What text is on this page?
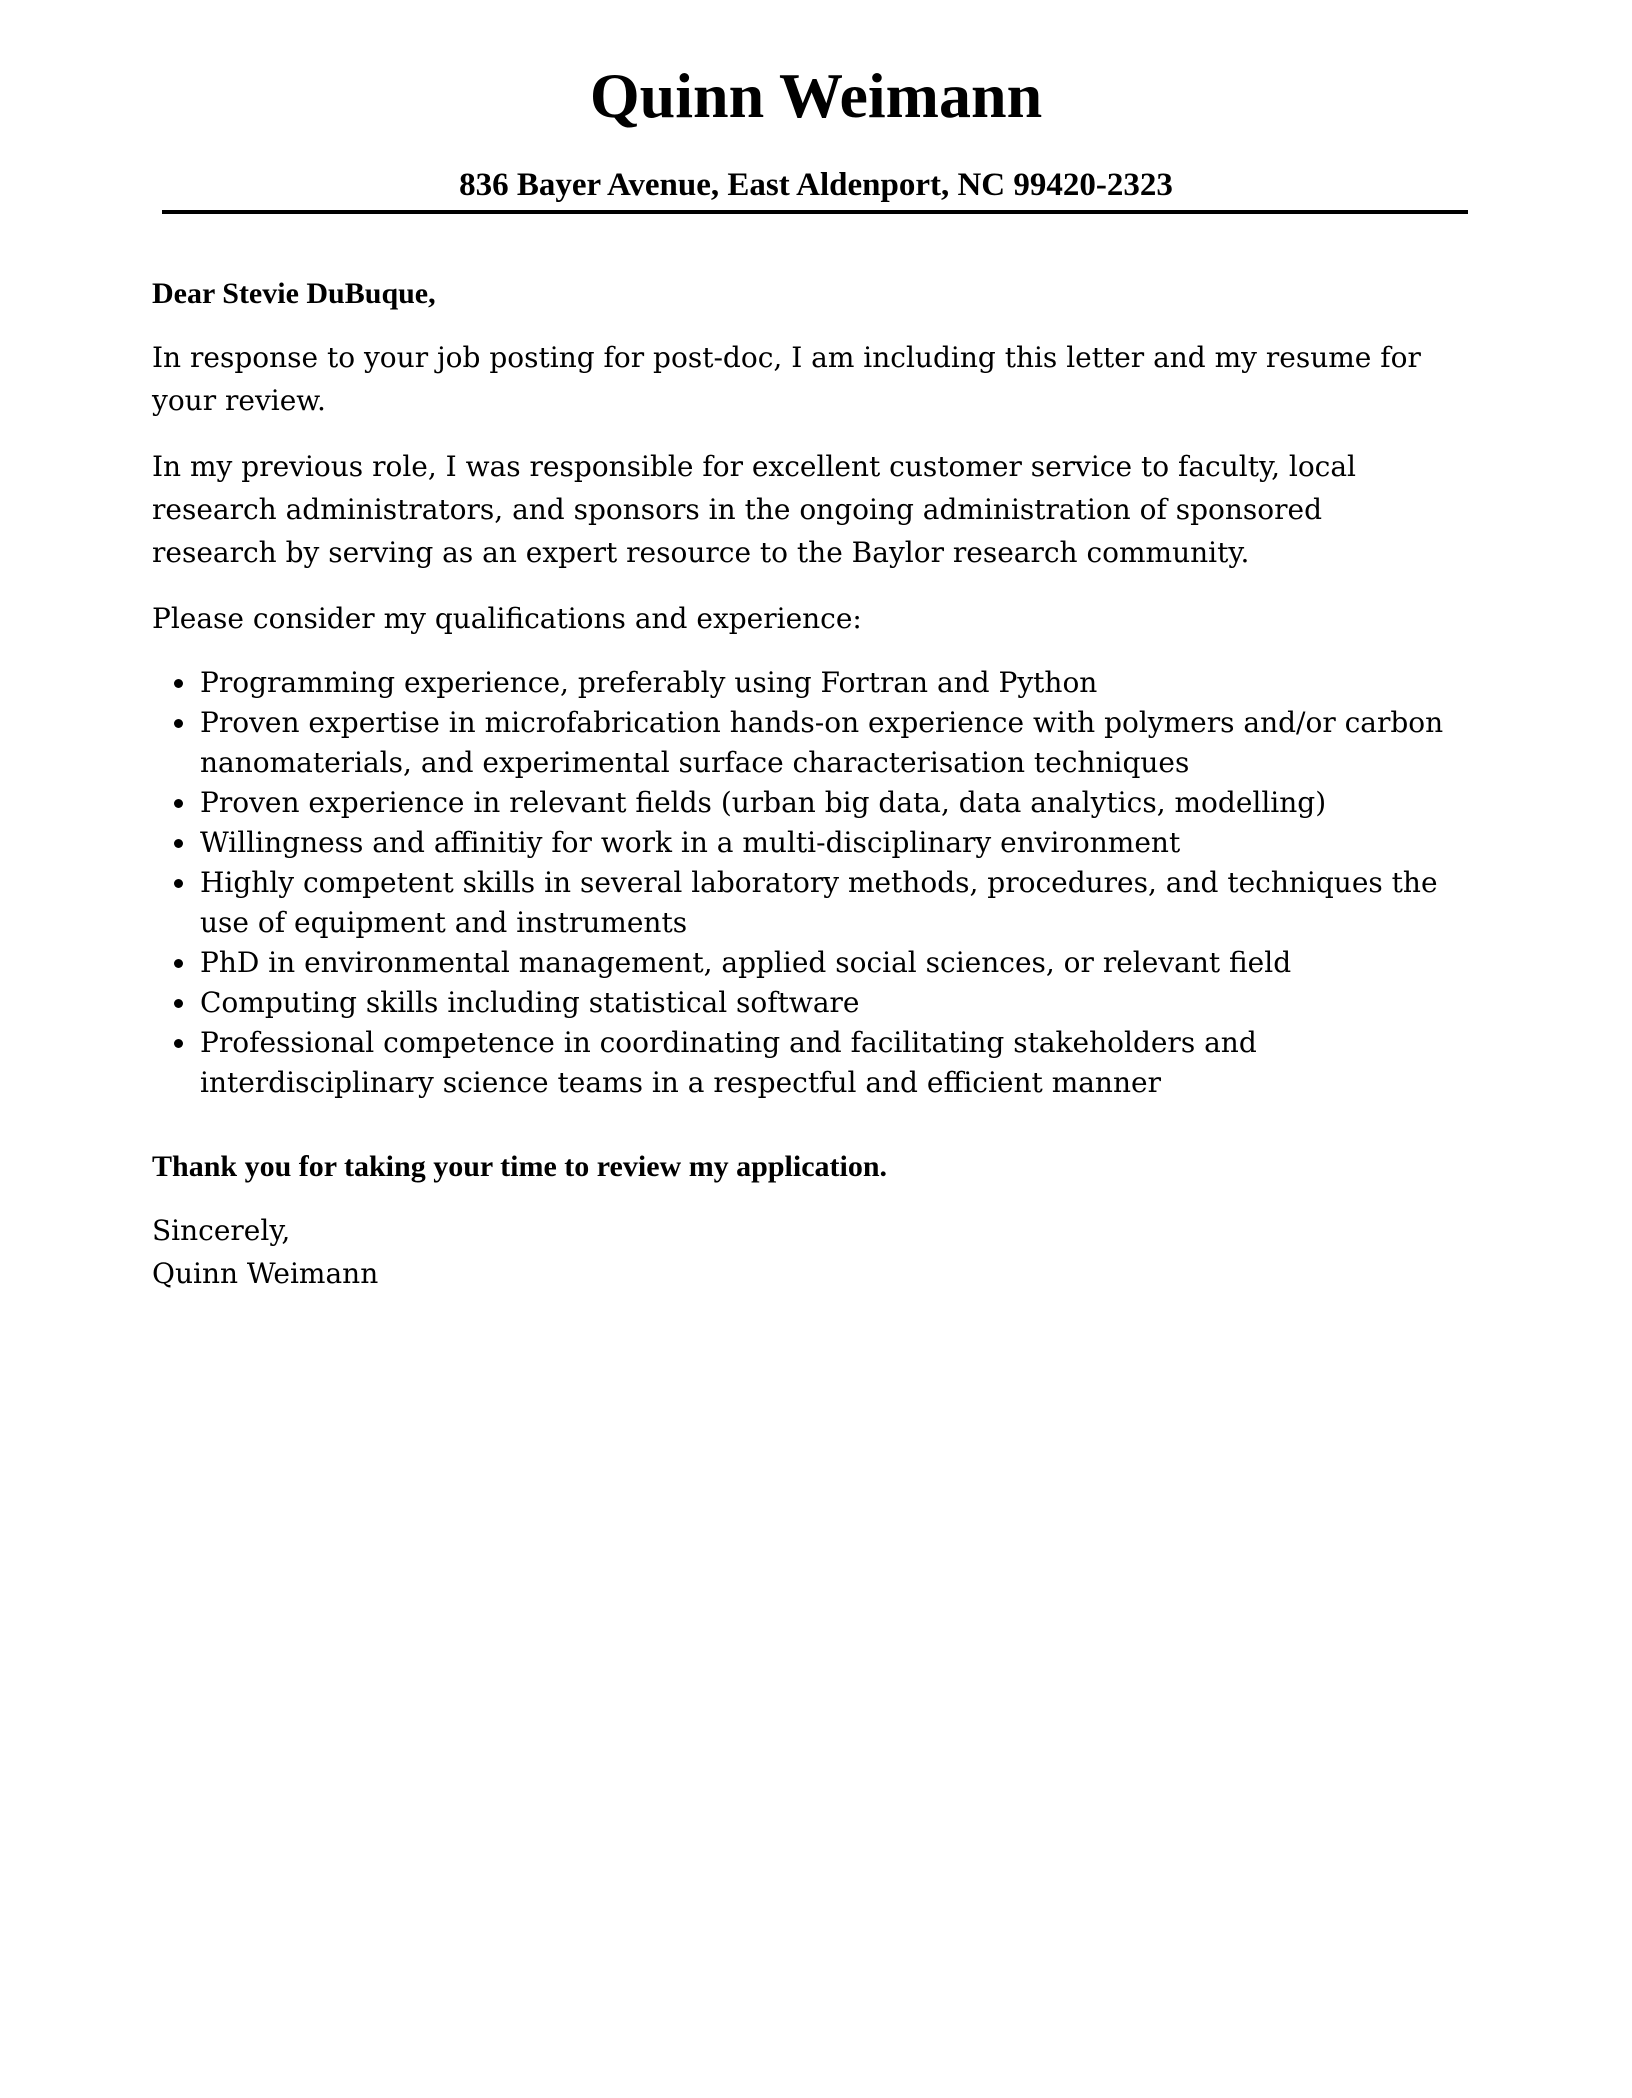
Quinn Weimann
836 Bayer Avenue, East Aldenport, NC 99420-2323

Dear Stevie DuBuque,

In response to your job posting for post-doc, I am including this letter and my resume for your review.

In my previous role, I was responsible for excellent customer service to faculty, local research administrators, and sponsors in the ongoing administration of sponsored research by serving as an expert resource to the Baylor research community.

Please consider my qualifications and experience:

Programming experience, preferably using Fortran and Python
Proven expertise in microfabrication hands-on experience with polymers and/or carbon nanomaterials, and experimental surface characterisation techniques
Proven experience in relevant fields (urban big data, data analytics, modelling)
Willingness and affinitiy for work in a multi-disciplinary environment
Highly competent skills in several laboratory methods, procedures, and techniques the use of equipment and instruments
PhD in environmental management, applied social sciences, or relevant field
Computing skills including statistical software
Professional competence in coordinating and facilitating stakeholders and interdisciplinary science teams in a respectful and efficient manner

Thank you for taking your time to review my application.

Sincerely,

Quinn Weimann
